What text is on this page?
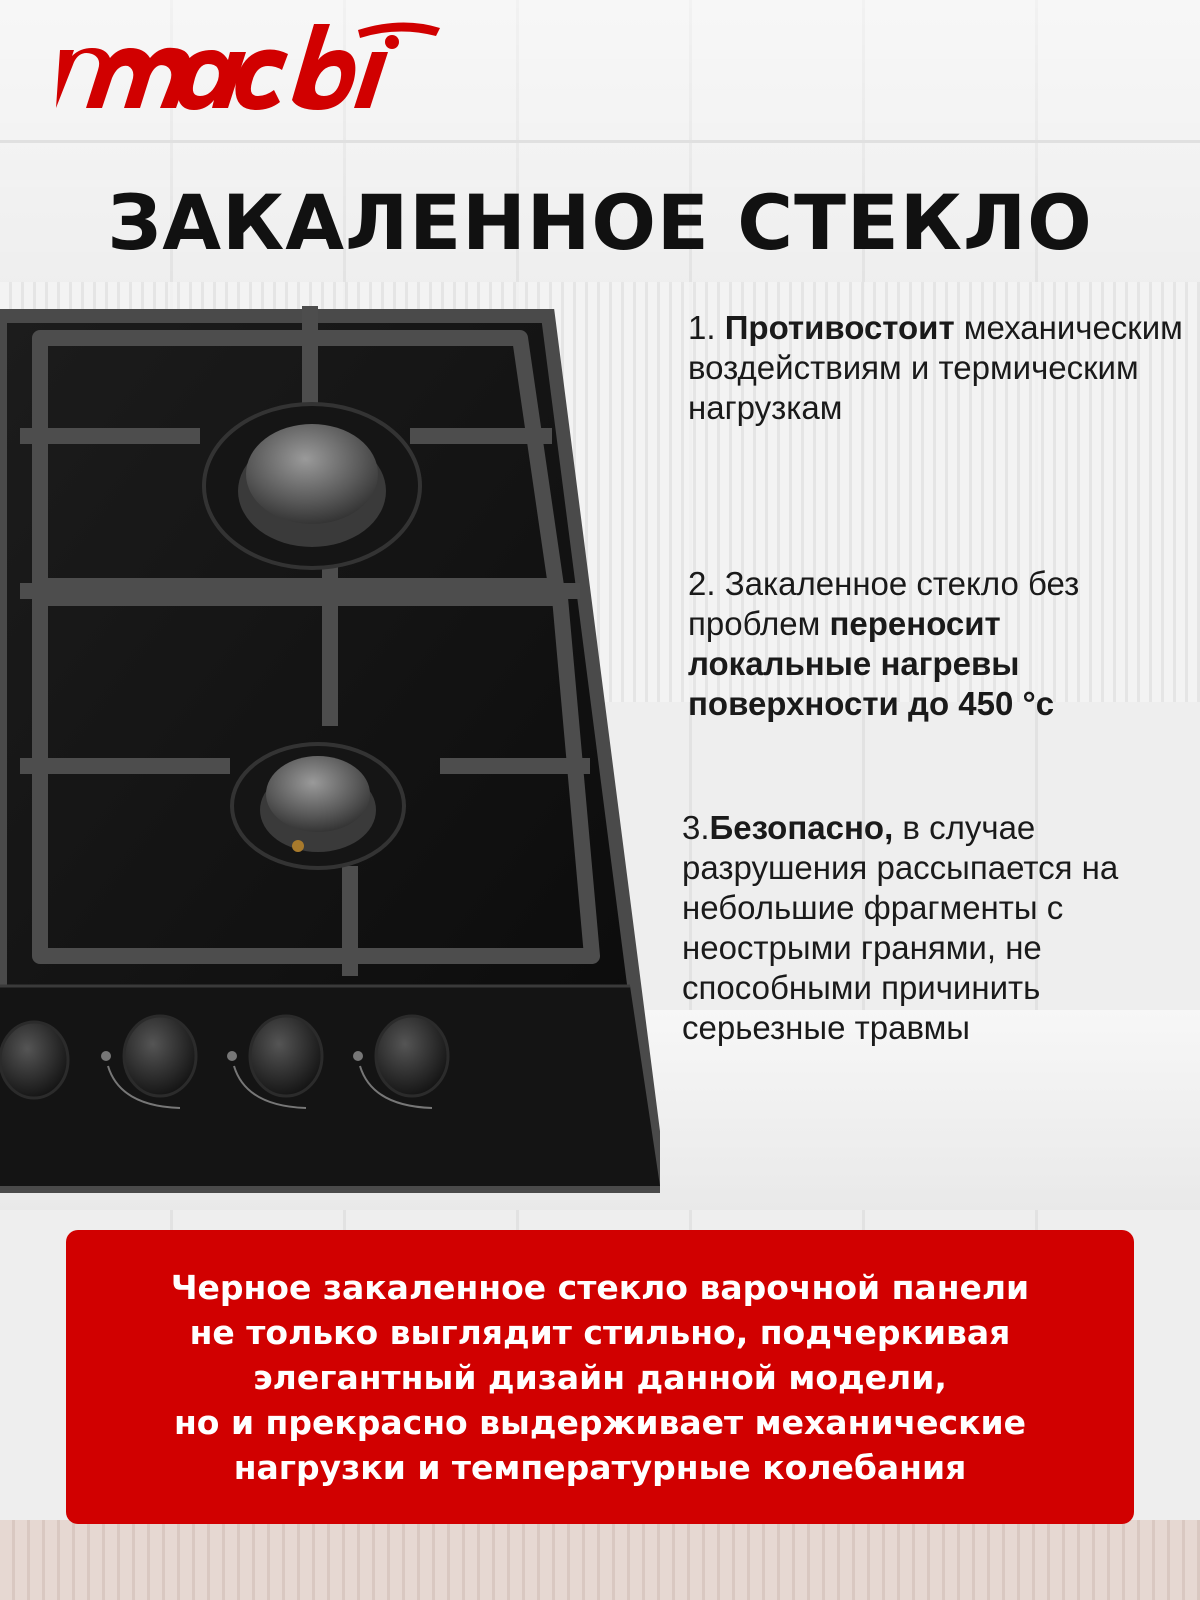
ЗАКАЛЕННОЕ СТЕКЛО

1. Противостоит механическим воздействиям и термическим нагрузкам

2. Закаленное стекло без проблем переносит локальные нагревы поверхности до 450 °с

3.Безопасно, в случае разрушения рассыпается на небольшие фрагменты с неострыми гранями, не способными причинить серьезные травмы

Черное закаленное стекло варочной панели
не только выглядит стильно, подчеркивая
элегантный дизайн данной модели,
но и прекрасно выдерживает механические
нагрузки и температурные колебания
